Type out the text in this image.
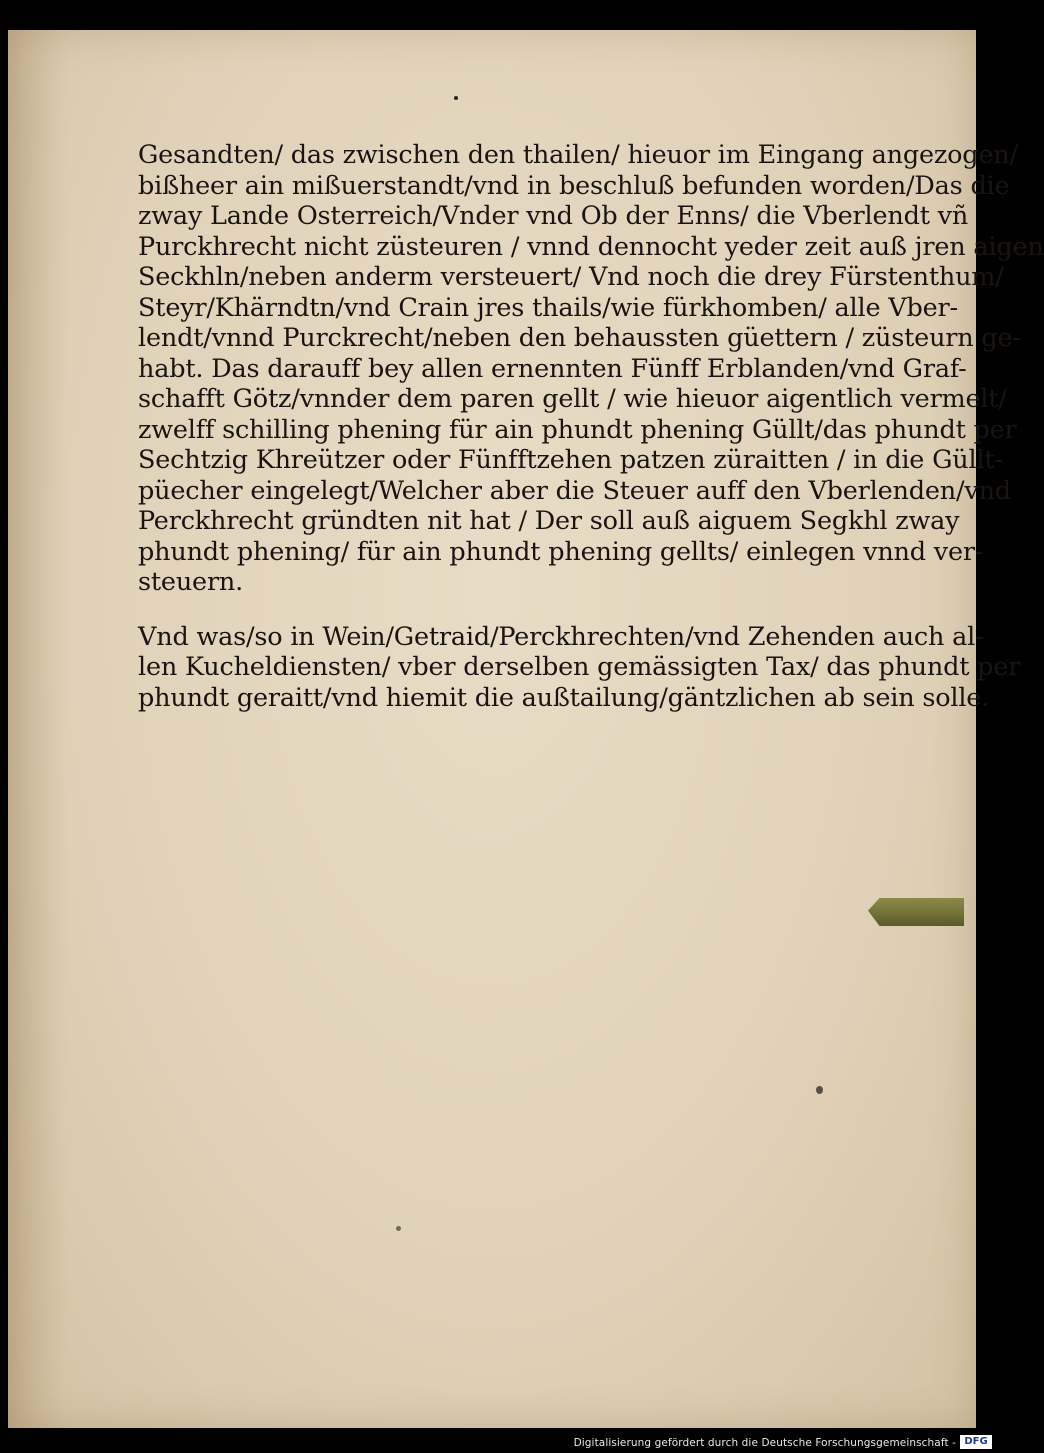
Gesandten/ das zwischen den thailen/ hieuor im Eingang angezogen/
bißheer ain mißuerstandt/vnd in beschluß befunden worden/Das die
zway Lande Osterreich/Vnder vnd Ob der Enns/ die Vberlendt vñ
Purckhrecht nicht züsteuren / vnnd dennocht yeder zeit auß jren aigen
Seckhln/neben anderm versteuert/ Vnd noch die drey Fürstenthum/
Steyr/Khärndtn/vnd Crain jres thails/wie fürkhomben/ alle Vber-
lendt/vnnd Purckrecht/neben den behaussten güettern / züsteurn ge-
habt. Das darauff bey allen ernennten Fünff Erblanden/vnd Graf-
schafft Götz/vnnder dem paren gellt / wie hieuor aigentlich vermelt/
zwelff schilling phening für ain phundt phening Güllt/das phundt per
Sechtzig Khreützer oder Fünfftzehen patzen züraitten / in die Güllt-
püecher eingelegt/Welcher aber die Steuer auff den Vberlenden/vnd
Perckhrecht gründten nit hat / Der soll auß aiguem Segkhl zway
phundt phening/ für ain phundt phening gellts/ einlegen vnnd ver-
steuern.
Vnd was/so in Wein/Getraid/Perckhrechten/vnd Zehenden auch al-
len Kucheldiensten/ vber derselben gemässigten Tax/ das phundt per
phundt geraitt/vnd hiemit die außtailung/gäntzlichen ab sein solle.
Digitalisierung gefördert durch die Deutsche Forschungsgemeinschaft - DFG
